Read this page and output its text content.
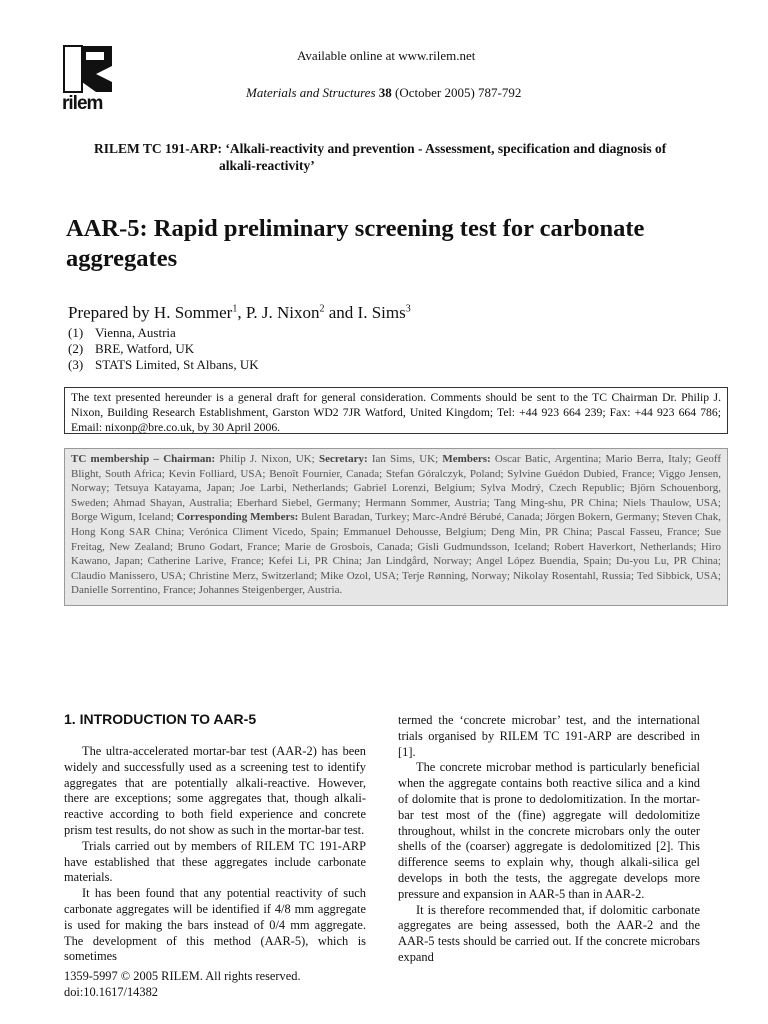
rilem
Available online at www.rilem.net
Materials and Structures 38 (October 2005) 787-792
RILEM TC 191-ARP: ‘Alkali-reactivity and prevention - Assessment, specification and diagnosis of
alkali-reactivity’
AAR-5: Rapid preliminary screening test for carbonate aggregates
Prepared by H. Sommer$^1$, P. J. Nixon$^2$ and I. Sims$^3$
(1) Vienna, Austria
(2) BRE, Watford, UK
(3) STATS Limited, St Albans, UK
The text presented hereunder is a general draft for general consideration. Comments should be sent to the TC Chairman Dr. Philip J. Nixon, Building Research Establishment, Garston WD2 7JR Watford, United Kingdom; Tel: +44 923 664 239; Fax: +44 923 664 786; Email: nixonp@bre.co.uk, by 30 April 2006.
TC membership – Chairman: Philip J. Nixon, UK; Secretary: Ian Sims, UK; Members: Oscar Batic, Argentina; Mario Berra, Italy; Geoff Blight, South Africa; Kevin Folliard, USA; Benoît Fournier, Canada; Stefan Góralczyk, Poland; Sylvine Guédon Dubied, France; Viggo Jensen, Norway; Tetsuya Katayama, Japan; Joe Larbi, Netherlands; Gabriel Lorenzi, Belgium; Sylva Modrý, Czech Republic; Björn Schouenborg, Sweden; Ahmad Shayan, Australia; Eberhard Siebel, Germany; Hermann Sommer, Austria; Tang Ming-shu, PR China; Niels Thaulow, USA; Borge Wigum, Iceland; Corresponding Members: Bulent Baradan, Turkey; Marc-André Bérubé, Canada; Jörgen Bokern, Germany; Steven Chak, Hong Kong SAR China; Verónica Climent Vicedo, Spain; Emmanuel Dehousse, Belgium; Deng Min, PR China; Pascal Fasseu, France; Sue Freitag, New Zealand; Bruno Godart, France; Marie de Grosbois, Canada; Gisli Gudmundsson, Iceland; Robert Haverkort, Netherlands; Hiro Kawano, Japan; Catherine Larive, France; Kefei Li, PR China; Jan Lindgård, Norway; Angel López Buendia, Spain; Du-you Lu, PR China; Claudio Manissero, USA; Christine Merz, Switzerland; Mike Ozol, USA; Terje Rønning, Norway; Nikolay Rosentahl, Russia; Ted Sibbick, USA; Danielle Sorrentino, France; Johannes Steigenberger, Austria.
1. INTRODUCTION TO AAR-5

The ultra-accelerated mortar-bar test (AAR-2) has been widely and successfully used as a screening test to identify aggregates that are potentially alkali-reactive. However, there are exceptions; some aggregates that, though alkali-reactive according to both field experience and concrete prism test results, do not show as such in the mortar-bar test.

Trials carried out by members of RILEM TC 191-ARP have established that these aggregates include carbonate materials.

It has been found that any potential reactivity of such carbonate aggregates will be identified if 4/8 mm aggregate is used for making the bars instead of 0/4 mm aggregate. The development of this method (AAR-5), which is sometimes

termed the ‘concrete microbar’ test, and the international trials organised by RILEM TC 191-ARP are described in [1].

The concrete microbar method is particularly beneficial when the aggregate contains both reactive silica and a kind of dolomite that is prone to dedolomitization. In the mortar-bar test most of the (fine) aggregate will dedolomitize throughout, whilst in the concrete microbars only the outer shells of the (coarser) aggregate is dedolomitized [2]. This difference seems to explain why, though alkali-silica gel develops in both the tests, the aggregate develops more pressure and expansion in AAR-5 than in AAR-2.

It is therefore recommended that, if dolomitic carbonate aggregates are being assessed, both the AAR-2 and the AAR-5 tests should be carried out. If the concrete microbars expand

1359-5997 © 2005 RILEM. All rights reserved.
doi:10.1617/14382
